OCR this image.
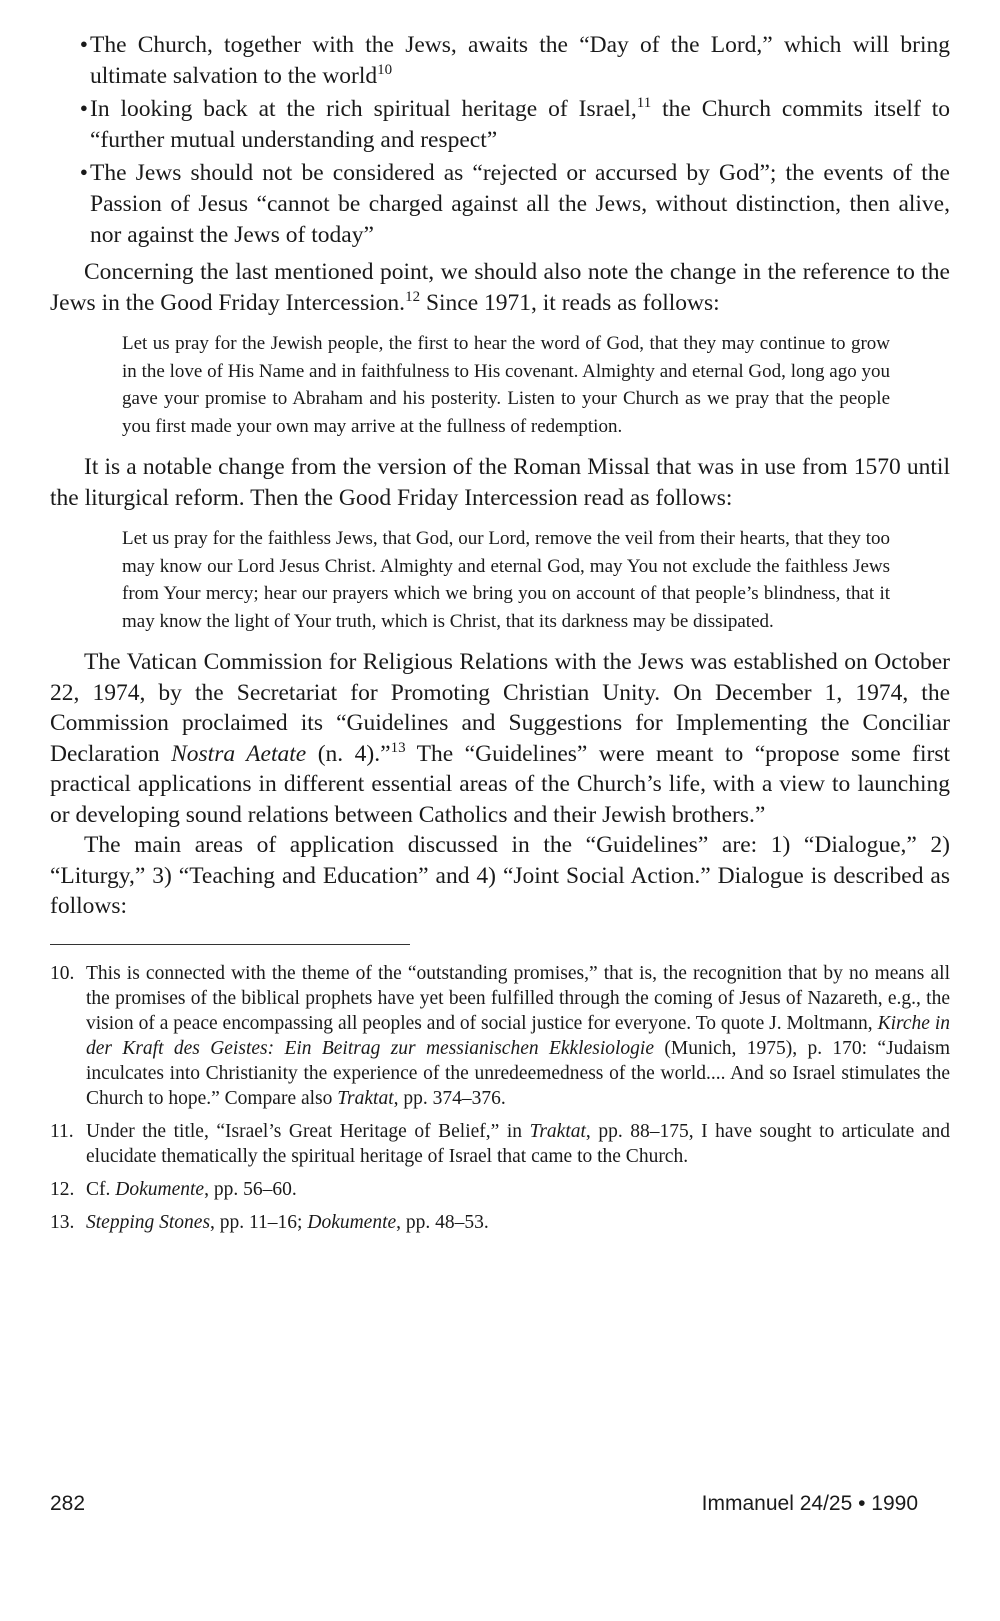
•The Church, together with the Jews, awaits the “Day of the Lord,” which will bring ultimate salvation to the world$^{10}$
•In looking back at the rich spiritual heritage of Israel,$^{11}$ the Church commits itself to “further mutual understanding and respect”
•The Jews should not be considered as “rejected or accursed by God”; the events of the Passion of Jesus “cannot be charged against all the Jews, without distinction, then alive, nor against the Jews of today”

Concerning the last mentioned point, we should also note the change in the reference to the Jews in the Good Friday Intercession.$^{12}$ Since 1971, it reads as follows:

Let us pray for the Jewish people, the first to hear the word of God, that they may continue to grow in the love of His Name and in faithfulness to His covenant. Almighty and eternal God, long ago you gave your promise to Abraham and his posterity. Listen to your Church as we pray that the people you first made your own may arrive at the fullness of redemption.

It is a notable change from the version of the Roman Missal that was in use from 1570 until the liturgical reform. Then the Good Friday Intercession read as follows:

Let us pray for the faithless Jews, that God, our Lord, remove the veil from their hearts, that they too may know our Lord Jesus Christ. Almighty and eternal God, may You not exclude the faithless Jews from Your mercy; hear our prayers which we bring you on account of that people’s blindness, that it may know the light of Your truth, which is Christ, that its darkness may be dissipated.

The Vatican Commission for Religious Relations with the Jews was established on October 22, 1974, by the Secretariat for Promoting Christian Unity. On December 1, 1974, the Commission proclaimed its “Guidelines and Suggestions for Implementing the Conciliar Declaration Nostra Aetate (n. 4).”$^{13}$ The “Guidelines” were meant to “propose some first practical applications in different essential areas of the Church’s life, with a view to launching or developing sound relations between Catholics and their Jewish brothers.”

The main areas of application discussed in the “Guidelines” are: 1) “Dialogue,” 2) “Liturgy,” 3) “Teaching and Education” and 4) “Joint Social Action.” Dialogue is described as follows:

10. This is connected with the theme of the “outstanding promises,” that is, the recognition that by no means all the promises of the biblical prophets have yet been fulfilled through the coming of Jesus of Nazareth, e.g., the vision of a peace encompassing all peoples and of social justice for everyone. To quote J. Moltmann, Kirche in der Kraft des Geistes: Ein Beitrag zur messianischen Ekklesiologie (Munich, 1975), p. 170: “Judaism inculcates into Christianity the experience of the unredeemedness of the world.... And so Israel stimulates the Church to hope.” Compare also Traktat, pp. 374–376.
11. Under the title, “Israel’s Great Heritage of Belief,” in Traktat, pp. 88–175, I have sought to articulate and elucidate thematically the spiritual heritage of Israel that came to the Church.
12. Cf. Dokumente, pp. 56–60.
13. Stepping Stones, pp. 11–16; Dokumente, pp. 48–53.
282	Immanuel 24/25 • 1990
